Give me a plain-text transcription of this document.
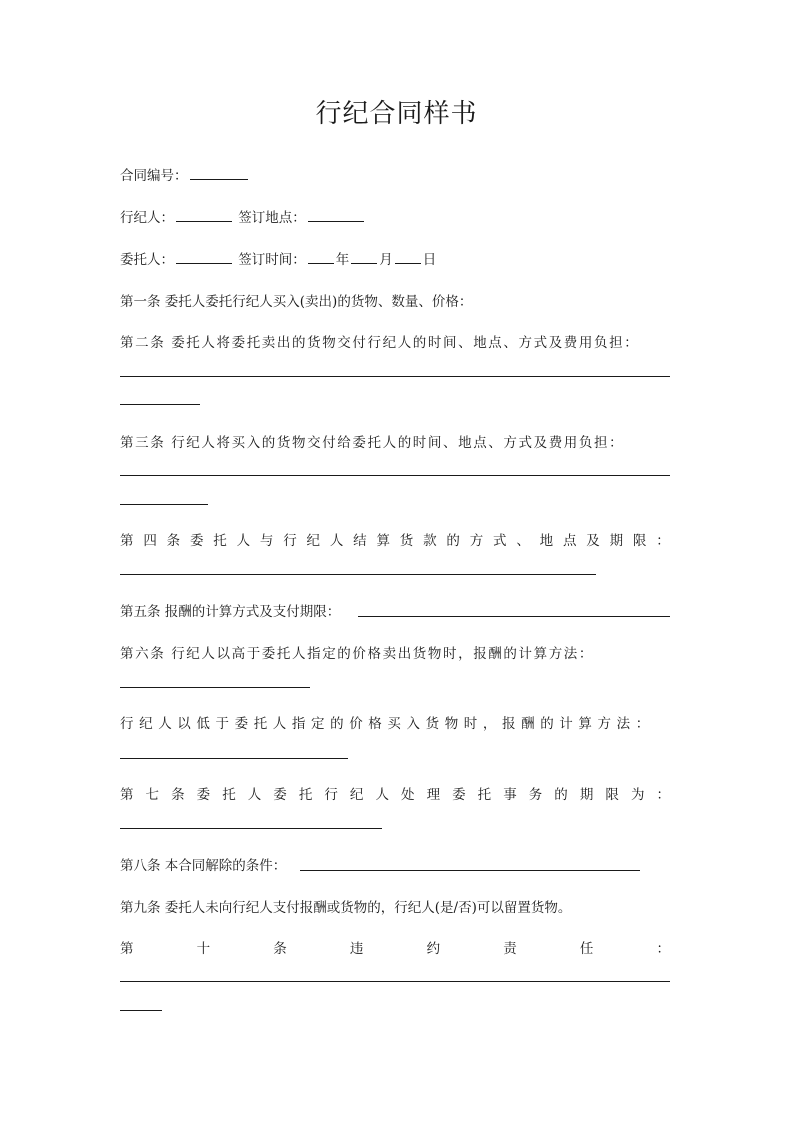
行纪合同样书
合同编号：
行纪人：	签订地点：
委托人：	签订时间： 年 月 日
第一条 委托人委托行纪人买入(卖出)的货物、数量、价格：
第二条 委托人将委托卖出的货物交付行纪人的时间、地点、方式及费用负担：
第三条 行纪人将买入的货物交付给委托人的时间、地点、方式及费用负担：
第 四 条 委 托 人 与 行 纪 人 结 算 货 款 的 方 式 、 地 点 及 期 限 ：
第五条 报酬的计算方式及支付期限：
第六条 行纪人以高于委托人指定的价格卖出货物时，报酬的计算方法：
行纪人以低于委托人指定的价格买入货物时，报酬的计算方法：
第 七 条 委 托 人 委 托 行 纪 人 处 理 委 托 事 务 的 期 限 为 ：
第八条 本合同解除的条件：
第九条 委托人未向行纪人支付报酬或货物的，行纪人(是/否)可以留置货物。
第	十	条	违	约	责	任	：
